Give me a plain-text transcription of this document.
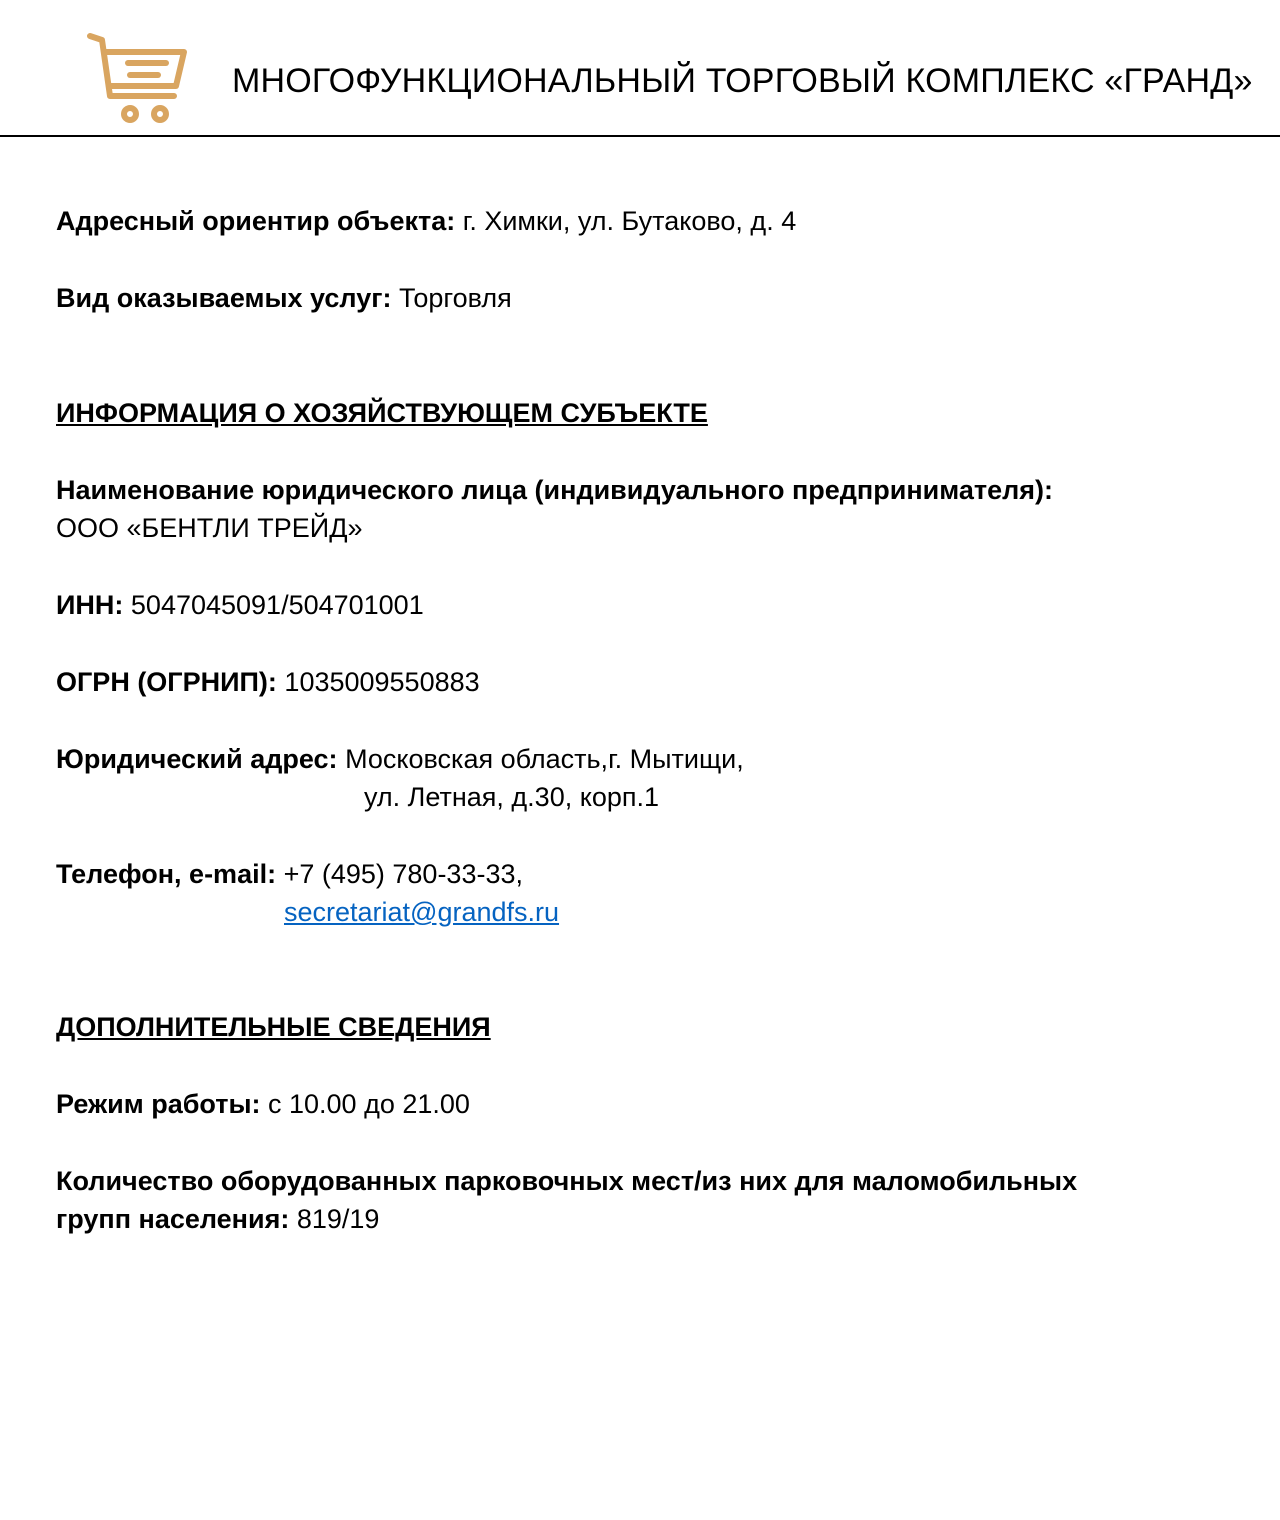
МНОГОФУНКЦИОНАЛЬНЫЙ ТОРГОВЫЙ КОМПЛЕКС «ГРАНД»
Адресный ориентир объекта: г. Химки, ул. Бутаково, д. 4
Вид оказываемых услуг: Торговля
ИНФОРМАЦИЯ О ХОЗЯЙСТВУЮЩЕМ СУБЪЕКТЕ
Наименование юридического лица (индивидуального предпринимателя):
ООО «БЕНТЛИ ТРЕЙД»
ИНН: 5047045091/504701001
ОГРН (ОГРНИП): 1035009550883
Юридический адрес: Московская область,г. Мытищи,
ул. Летная, д.30, корп.1
Телефон, e-mail: +7 (495) 780-33-33,
secretariat@grandfs.ru
ДОПОЛНИТЕЛЬНЫЕ СВЕДЕНИЯ
Режим работы: с 10.00 до 21.00
Количество оборудованных парковочных мест/из них для маломобильных
групп населения: 819/19
